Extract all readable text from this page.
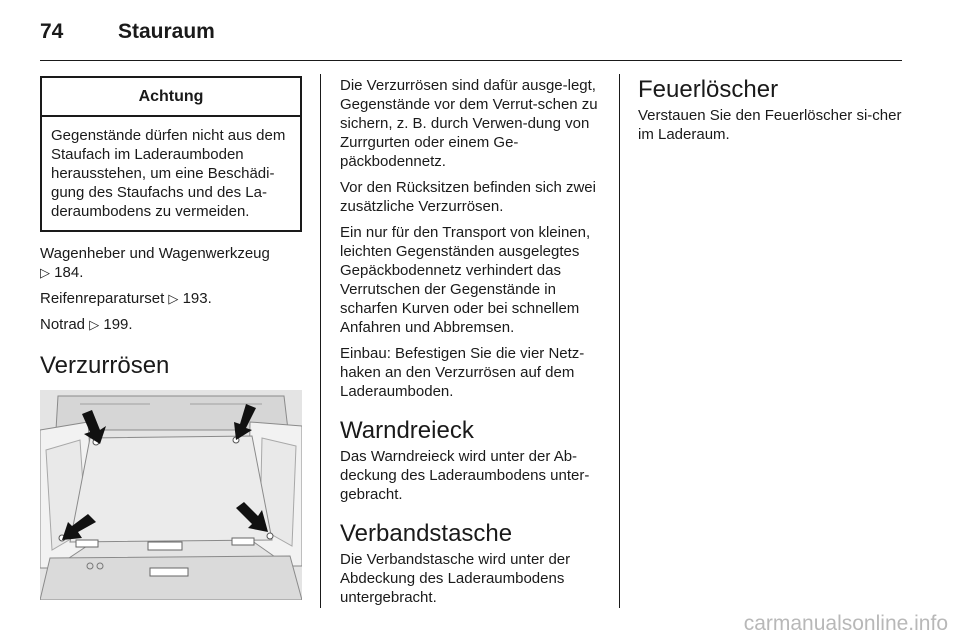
74	Stauraum
Achtung
Gegenstände dürfen nicht aus dem Staufach im Laderaumboden herausstehen, um eine Beschädi-gung des Staufachs und des La-deraumbodens zu vermeiden.

Wagenheber und Wagenwerkzeug
▷ 184.

Reifenreparaturset ▷ 193.

Notrad ▷ 199.

Verzurrösen

Die Verzurrösen sind dafür ausge-legt, Gegenstände vor dem Verrut-schen zu sichern, z. B. durch Verwen-dung von Zurrgurten oder einem Ge-päckbodennetz.

Vor den Rücksitzen befinden sich zwei zusätzliche Verzurrösen.

Ein nur für den Transport von kleinen, leichten Gegenständen ausgelegtes Gepäckbodennetz verhindert das Verrutschen der Gegenstände in scharfen Kurven oder bei schnellem Anfahren und Abbremsen.

Einbau: Befestigen Sie die vier Netz-haken an den Verzurrösen auf dem Laderaumboden.

Warndreieck

Das Warndreieck wird unter der Ab-deckung des Laderaumbodens unter-gebracht.

Verbandstasche

Die Verbandstasche wird unter der Abdeckung des Laderaumbodens untergebracht.

Feuerlöscher

Verstauen Sie den Feuerlöscher si-cher im Laderaum.

carmanualsonline.info
